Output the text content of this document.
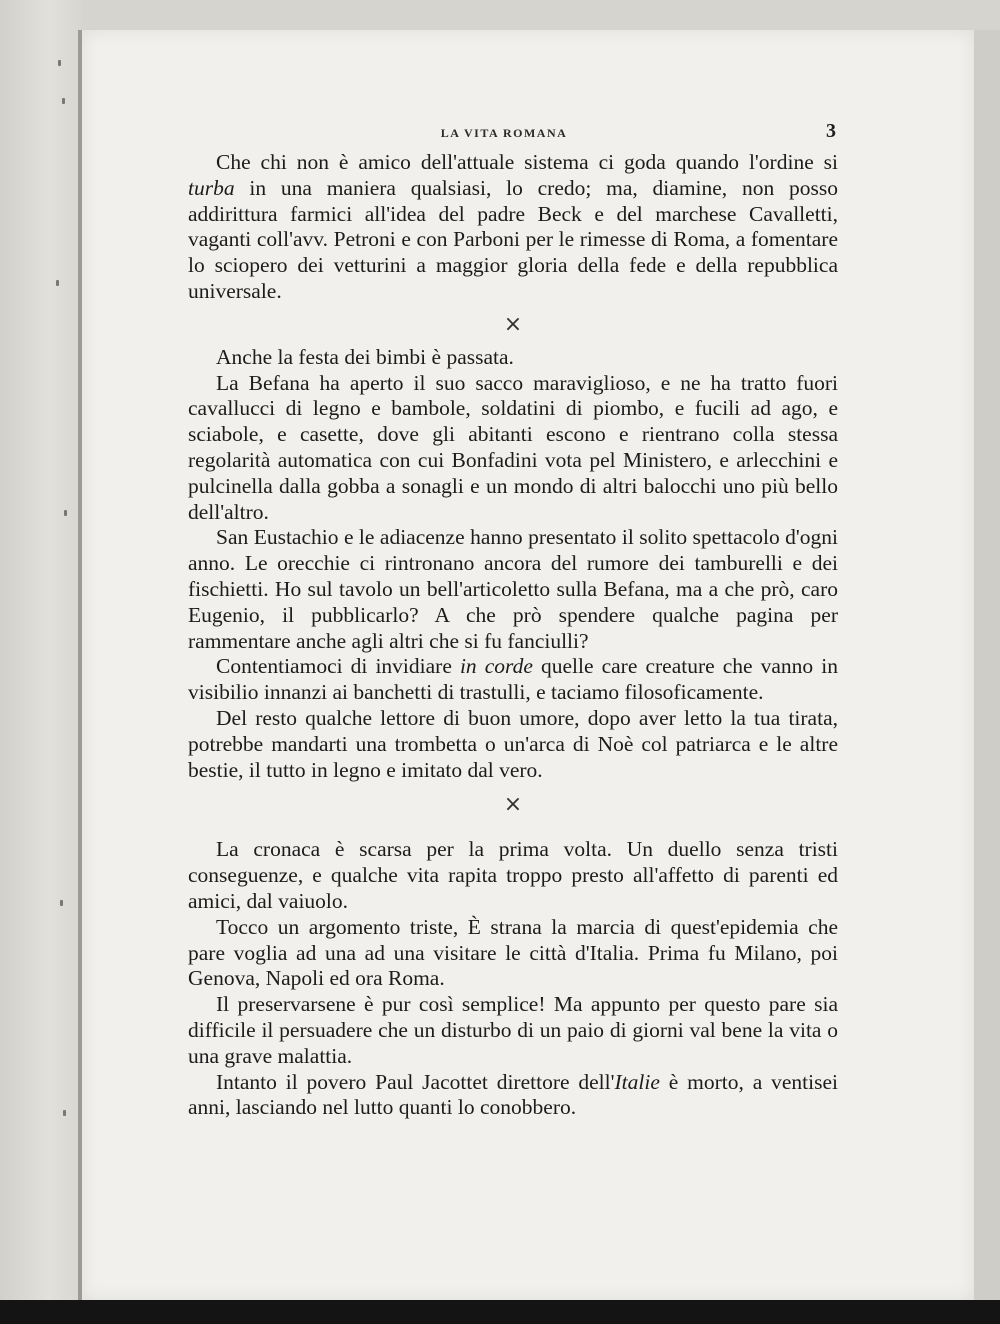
LA VITA ROMANA	3

Che chi non è amico dell'attuale sistema ci goda quando l'ordine si turba in una maniera qualsiasi, lo credo; ma, diamine, non posso addirittura farmici all'idea del padre Beck e del marchese Cavalletti, vaganti coll'avv. Petroni e con Parboni per le rimesse di Roma, a fomentare lo sciopero dei vetturini a maggior gloria della fede e della repubblica universale.

×

Anche la festa dei bimbi è passata.

La Befana ha aperto il suo sacco maraviglioso, e ne ha tratto fuori cavallucci di legno e bambole, soldatini di piombo, e fucili ad ago, e sciabole, e casette, dove gli abitanti escono e rientrano colla stessa regolarità automatica con cui Bonfadini vota pel Ministero, e arlecchini e pulcinella dalla gobba a sonagli e un mondo di altri balocchi uno più bello dell'altro.

San Eustachio e le adiacenze hanno presentato il solito spettacolo d'ogni anno. Le orecchie ci rintronano ancora del rumore dei tamburelli e dei fischietti. Ho sul tavolo un bell'articoletto sulla Befana, ma a che prò, caro Eugenio, il pubblicarlo? A che prò spendere qualche pagina per rammentare anche agli altri che si fu fanciulli?

Contentiamoci di invidiare in corde quelle care creature che vanno in visibilio innanzi ai banchetti di trastulli, e taciamo filosoficamente.

Del resto qualche lettore di buon umore, dopo aver letto la tua tirata, potrebbe mandarti una trombetta o un'arca di Noè col patriarca e le altre bestie, il tutto in legno e imitato dal vero.

×

La cronaca è scarsa per la prima volta. Un duello senza tristi conseguenze, e qualche vita rapita troppo presto all'affetto di parenti ed amici, dal vaiuolo.

Tocco un argomento triste, È strana la marcia di quest'epidemia che pare voglia ad una ad una visitare le città d'Italia. Prima fu Milano, poi Genova, Napoli ed ora Roma.

Il preservarsene è pur così semplice! Ma appunto per questo pare sia difficile il persuadere che un disturbo di un paio di giorni val bene la vita o una grave malattia.

Intanto il povero Paul Jacottet direttore dell'Italie è morto, a ventisei anni, lasciando nel lutto quanti lo conobbero.
